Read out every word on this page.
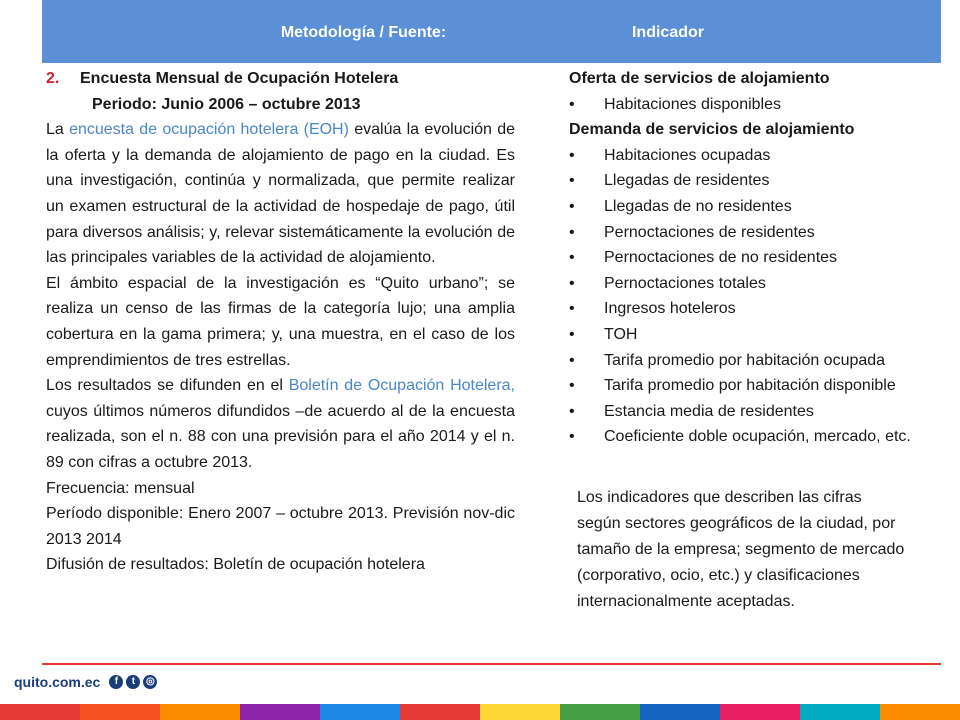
Metodología / Fuente:	Indicador

2.	Encuesta Mensual de Ocupación Hotelera

Periodo: Junio 2006 – octubre 2013

La encuesta de ocupación hotelera (EOH) evalúa la evolución de la oferta y la demanda de alojamiento de pago en la ciudad. Es una investigación, continúa y normalizada, que permite realizar un examen estructural de la actividad de hospedaje de pago, útil para diversos análisis; y, relevar sistemáticamente la evolución de las principales variables de la actividad de alojamiento.

El ámbito espacial de la investigación es “Quito urbano”; se realiza un censo de las firmas de la categoría lujo; una amplia cobertura en la gama primera; y, una muestra, en el caso de los emprendimientos de tres estrellas.

Los resultados se difunden en el Boletín de Ocupación Hotelera, cuyos últimos números difundidos –de acuerdo al de la encuesta realizada, son el n. 88 con una previsión para el año 2014 y el n. 89 con cifras a octubre 2013.

Frecuencia: mensual

Período disponible: Enero 2007 – octubre 2013. Previsión nov-dic 2013 2014

Difusión de resultados: Boletín de ocupación hotelera

Oferta de servicios de alojamiento

• Habitaciones disponibles

Demanda de servicios de alojamiento

• Habitaciones ocupadas
• Llegadas de residentes
• Llegadas de no residentes
• Pernoctaciones de residentes
• Pernoctaciones de no residentes
• Pernoctaciones totales
• Ingresos hoteleros
• TOH
• Tarifa promedio por habitación ocupada
• Tarifa promedio por habitación disponible
• Estancia media de residentes
• Coeficiente doble ocupación, mercado, etc.
Los indicadores que describen las cifras según sectores geográficos de la ciudad, por tamaño de la empresa; segmento de mercado (corporativo, ocio, etc.) y clasificaciones internacionalmente aceptadas.
quito.com.ec	f	t	◎
